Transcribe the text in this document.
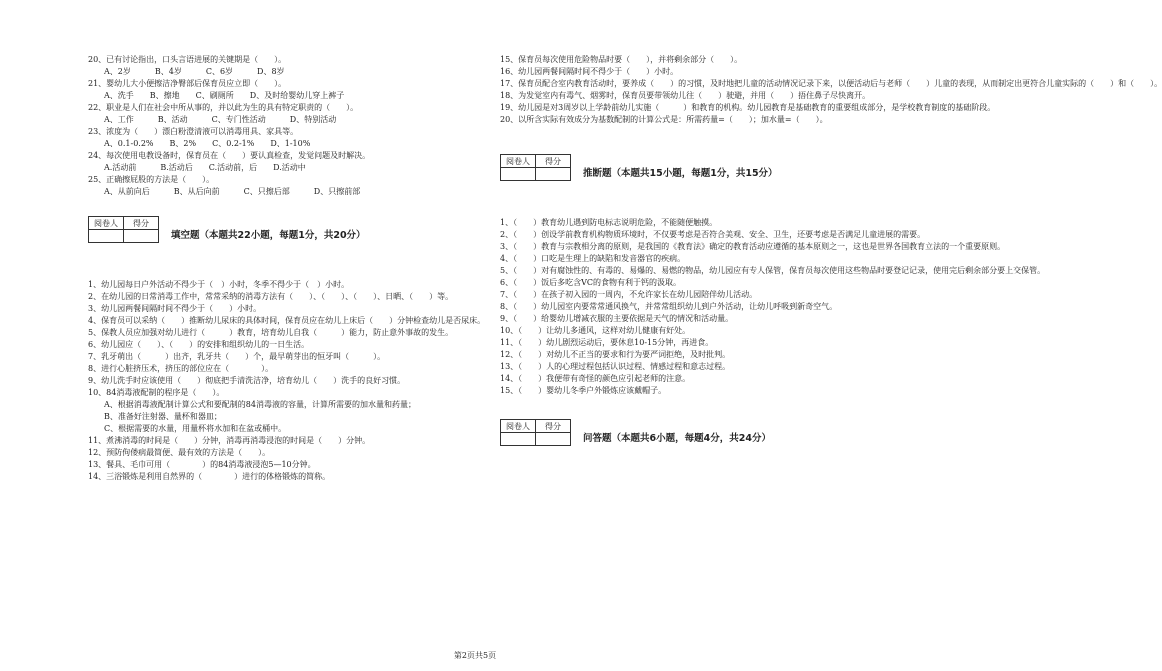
20、已有讨论指出，口头言语进展的关键期是（　　）。
　　A、2岁　　　B、4岁　　　C、6岁　　　D、8岁
21、婴幼儿大小便擦洁净臀部后保育员应立即（　　）。
　　A、洗手　　B、擦地　　C、刷厕所　　D、及时给婴幼儿穿上裤子
22、职业是人们在社会中所从事的，并以此为生的具有特定职责的（　　）。
　　A、工作　　　B、活动　　　C、专门性活动　　　D、特别活动
23、浓度为（　　）漂白粉澄清液可以消毒用具、家具等。
　　A、0.1-0.2%　　B、2%　　C、0.2-1%　　D、1-10%
24、每次使用电教设备时，保育员在（　　）要认真检查，发觉问题及时解决。
　　A.活动前　　　B.活动后　　C.活动前，后　　D.活动中
25、正确擦屁股的方法是（　　）。
　　A、从前向后　　　B、从后向前　　　C、只擦后部　　　D、只擦前部
阅卷人	得分

填空题（本题共22小题，每题1分，共20分）
1、幼儿园每日户外活动不得少于（　）小时，冬季不得少于（　）小时。
2、在幼儿园的日常消毒工作中，常常采纳的消毒方法有（　　）、（　　）、（　　）、日晒、（　　）等。
3、幼儿园两餐间隔时间不得少于（　　）小时。
4、保育员可以采纳（　　）推断幼儿尿床的具体时间，保育员应在幼儿上床后（　　）分钟检查幼儿是否尿床。
5、保教人员应加强对幼儿进行（　　　）教育，培育幼儿自我（　　　）能力，防止意外事故的发生。
6、幼儿园应（　　）、（　　）的安排和组织幼儿的一日生活。
7、乳牙萌出（　　　）出齐，乳牙共（　　）个，最早萌芽出的恒牙叫（　　　）。
8、进行心脏挤压术，挤压的部位应在（　　　　）。
9、幼儿洗手时应该使用（　　）彻底把手清洗洁净，培育幼儿（　　）洗手的良好习惯。
10、84消毒液配制的程序是（　　）。
　　A、根据消毒液配制计算公式和要配制的84消毒液的容量，计算所需要的加水量和药量；
　　B、准备好注射器、量杯和器皿；
　　C、根据需要的水量，用量杯将水加和在盆或桶中。
11、煮沸消毒的时间是（　　）分钟，消毒再消毒浸泡的时间是（　　）分钟。
12、预防佝偻病最简便、最有效的方法是（　　）。
13、餐具、毛巾可用（　　　　）的84消毒液浸泡5—10分钟。
14、三浴锻炼是利用自然界的（　　　　）进行的体格锻炼的简称。
15、保育员每次使用危险物品时要（　　），并将剩余部分（　　）。
16、幼儿园两餐间隔时间不得少于（　　）小时。
17、保育员配合室内教育活动时，要养成（　　）的习惯，及时地把儿童的活动情况记录下来，以便活动后与老师（　　）儿童的表现，从而制定出更符合儿童实际的（　　）和（　　）。
18、为发觉室内有毒气、烟雾时，保育员要带领幼儿往（　　）驶避，并用（　　）捂住鼻子尽快离开。
19、幼儿园是对3周岁以上学龄前幼儿实施（　　　）和教育的机构。幼儿园教育是基础教育的重要组成部分，是学校教育制度的基础阶段。
20、以所含实际有效成分为基数配制的计算公式是：所需药量=（　　）；加水量=（　　）。
阅卷人	得分

推断题（本题共15小题，每题1分，共15分）
1、（　　）教育幼儿遇到防电标志说明危险，不能随便触摸。
2、（　　）创设学前教育机构物质环境时，不仅要考虑是否符合美观、安全、卫生，还要考虑是否满足儿童进展的需要。
3、（　　）教育与宗教相分离的原则，是我国的《教育法》确定的教育活动应遵循的基本原则之一，这也是世界各国教育立法的一个重要原则。
4、（　　）口吃是生理上的缺陷和发音器官的疾病。
5、（　　）对有腐蚀性的、有毒的、易爆的、易燃的物品，幼儿园应有专人保管，保育员每次使用这些物品时要登记记录，使用完后剩余部分要上交保管。
6、（　　）饭后多吃含VC的食物有利于钙的汲取。
7、（　　）在孩子初入园的一周内，不允许家长在幼儿园陪伴幼儿活动。
8、（　　）幼儿园室内要常常通风换气，并常常组织幼儿到户外活动，让幼儿呼吸到新奇空气。
9、（　　）给婴幼儿增减衣服的主要依据是天气的情况和活动量。
10、（　　）让幼儿多通风，这样对幼儿健康有好处。
11、（　　）幼儿剧烈运动后，要休息10-15分钟，再进食。
12、（　　）对幼儿不正当的要求和行为要严词拒绝，及时批判。
13、（　　）人的心理过程包括认识过程、情感过程和意志过程。
14、（　　）我便带有奇怪的颜色应引起老师的注意。
15、（　　）婴幼儿冬季户外锻炼应该戴帽子。
阅卷人	得分

问答题（本题共6小题，每题4分，共24分）
第2页共5页
